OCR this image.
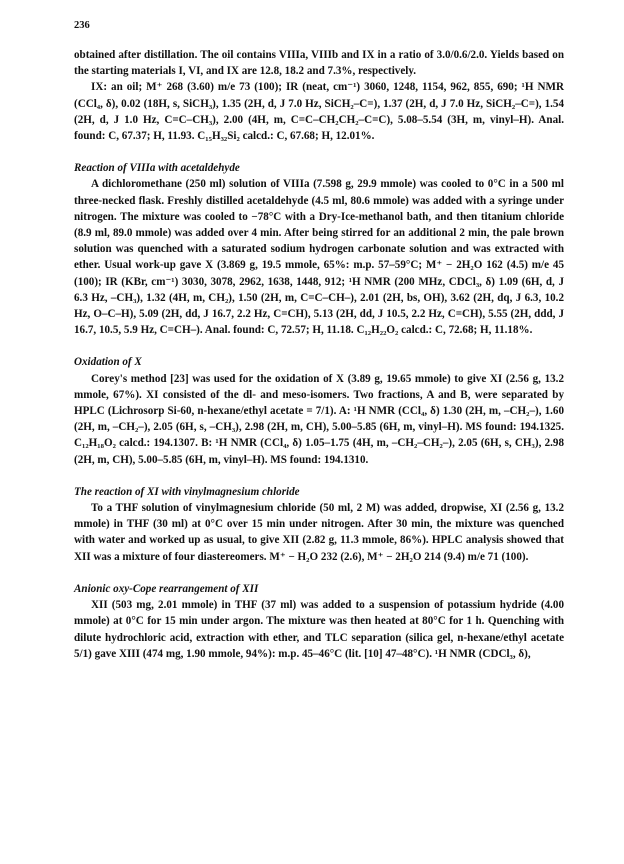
236

obtained after distillation. The oil contains VIIIa, VIIIb and IX in a ratio of 3.0/0.6/2.0. Yields based on the starting materials I, VI, and IX are 12.8, 18.2 and 7.3%, respectively.

IX: an oil; M⁺ 268 (3.60) m/e 73 (100); IR (neat, cm⁻¹) 3060, 1248, 1154, 962, 855, 690; ¹H NMR (CCl₄, δ), 0.02 (18H, s, SiCH₃), 1.35 (2H, d, J 7.0 Hz, SiCH₂–C=), 1.37 (2H, d, J 7.0 Hz, SiCH₂–C=), 1.54 (2H, d, J 1.0 Hz, C=C–CH₃), 2.00 (4H, m, C=C–CH₂CH₂–C=C), 5.08–5.54 (3H, m, vinyl–H). Anal. found: C, 67.37; H, 11.93. C₁₅H₃₂Si₂ calcd.: C, 67.68; H, 12.01%.

Reaction of VIIIa with acetaldehyde

A dichloromethane (250 ml) solution of VIIIa (7.598 g, 29.9 mmole) was cooled to 0°C in a 500 ml three-necked flask. Freshly distilled acetaldehyde (4.5 ml, 80.6 mmole) was added with a syringe under nitrogen. The mixture was cooled to −78°C with a Dry-Ice-methanol bath, and then titanium chloride (8.9 ml, 89.0 mmole) was added over 4 min. After being stirred for an additional 2 min, the pale brown solution was quenched with a saturated sodium hydrogen carbonate solution and was extracted with ether. Usual work-up gave X (3.869 g, 19.5 mmole, 65%: m.p. 57–59°C; M⁺ − 2H₂O 162 (4.5) m/e 45 (100); IR (KBr, cm⁻¹) 3030, 3078, 2962, 1638, 1448, 912; ¹H NMR (200 MHz, CDCl₃, δ) 1.09 (6H, d, J 6.3 Hz, –CH₃), 1.32 (4H, m, CH₂), 1.50 (2H, m, C=C–CH–), 2.01 (2H, bs, OH), 3.62 (2H, dq, J 6.3, 10.2 Hz, O–C–H), 5.09 (2H, dd, J 16.7, 2.2 Hz, C=CH), 5.13 (2H, dd, J 10.5, 2.2 Hz, C=CH), 5.55 (2H, ddd, J 16.7, 10.5, 5.9 Hz, C=CH–). Anal. found: C, 72.57; H, 11.18. C₁₂H₂₂O₂ calcd.: C, 72.68; H, 11.18%.

Oxidation of X

Corey's method [23] was used for the oxidation of X (3.89 g, 19.65 mmole) to give XI (2.56 g, 13.2 mmole, 67%). XI consisted of the dl- and meso-isomers. Two fractions, A and B, were separated by HPLC (Lichrosorp Si-60, n-hexane/ethyl acetate = 7/1). A: ¹H NMR (CCl₄, δ) 1.30 (2H, m, –CH₂–), 1.60 (2H, m, –CH₂–), 2.05 (6H, s, –CH₃), 2.98 (2H, m, CH), 5.00–5.85 (6H, m, vinyl–H). MS found: 194.1325. C₁₂H₁₈O₂ calcd.: 194.1307. B: ¹H NMR (CCl₄, δ) 1.05–1.75 (4H, m, –CH₂–CH₂–), 2.05 (6H, s, CH₃), 2.98 (2H, m, CH), 5.00–5.85 (6H, m, vinyl–H). MS found: 194.1310.

The reaction of XI with vinylmagnesium chloride

To a THF solution of vinylmagnesium chloride (50 ml, 2 M) was added, dropwise, XI (2.56 g, 13.2 mmole) in THF (30 ml) at 0°C over 15 min under nitrogen. After 30 min, the mixture was quenched with water and worked up as usual, to give XII (2.82 g, 11.3 mmole, 86%). HPLC analysis showed that XII was a mixture of four diastereomers. M⁺ − H₂O 232 (2.6), M⁺ − 2H₂O 214 (9.4) m/e 71 (100).

Anionic oxy-Cope rearrangement of XII

XII (503 mg, 2.01 mmole) in THF (37 ml) was added to a suspension of potassium hydride (4.00 mmole) at 0°C for 15 min under argon. The mixture was then heated at 80°C for 1 h. Quenching with dilute hydrochloric acid, extraction with ether, and TLC separation (silica gel, n-hexane/ethyl acetate 5/1) gave XIII (474 mg, 1.90 mmole, 94%): m.p. 45–46°C (lit. [10] 47–48°C). ¹H NMR (CDCl₃, δ),
